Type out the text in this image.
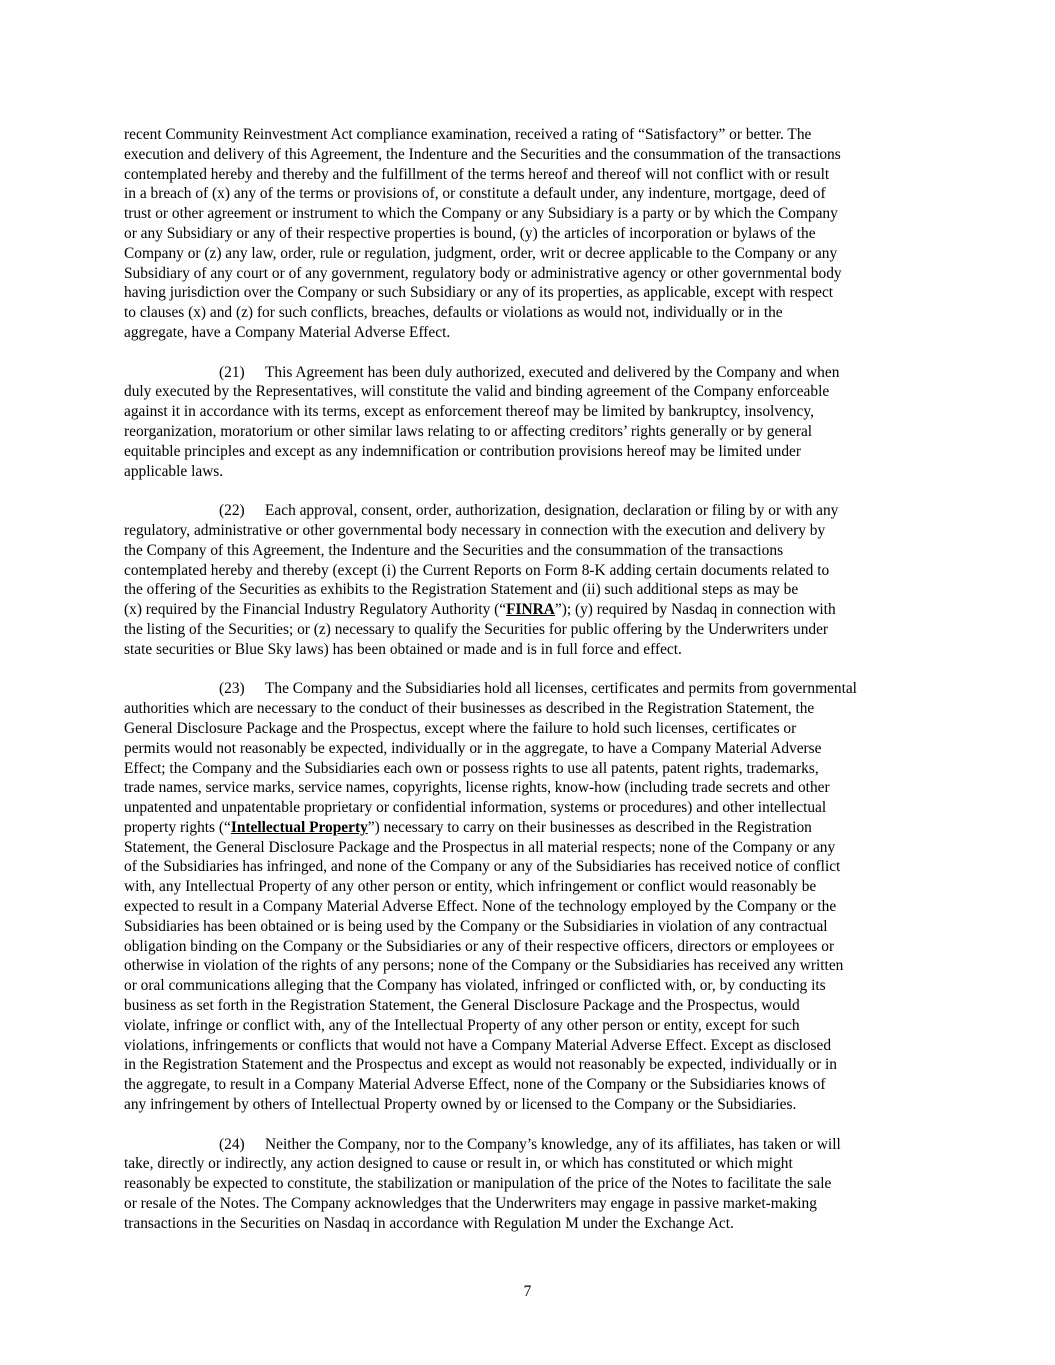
recent Community Reinvestment Act compliance examination, received a rating of “Satisfactory” or better. The
execution and delivery of this Agreement, the Indenture and the Securities and the consummation of the transactions
contemplated hereby and thereby and the fulfillment of the terms hereof and thereof will not conflict with or result
in a breach of (x) any of the terms or provisions of, or constitute a default under, any indenture, mortgage, deed of
trust or other agreement or instrument to which the Company or any Subsidiary is a party or by which the Company
or any Subsidiary or any of their respective properties is bound, (y) the articles of incorporation or bylaws of the
Company or (z) any law, order, rule or regulation, judgment, order, writ or decree applicable to the Company or any
Subsidiary of any court or of any government, regulatory body or administrative agency or other governmental body
having jurisdiction over the Company or such Subsidiary or any of its properties, as applicable, except with respect
to clauses (x) and (z) for such conflicts, breaches, defaults or violations as would not, individually or in the
aggregate, have a Company Material Adverse Effect.
(21) This Agreement has been duly authorized, executed and delivered by the Company and when
duly executed by the Representatives, will constitute the valid and binding agreement of the Company enforceable
against it in accordance with its terms, except as enforcement thereof may be limited by bankruptcy, insolvency,
reorganization, moratorium or other similar laws relating to or affecting creditors’ rights generally or by general
equitable principles and except as any indemnification or contribution provisions hereof may be limited under
applicable laws.
(22) Each approval, consent, order, authorization, designation, declaration or filing by or with any
regulatory, administrative or other governmental body necessary in connection with the execution and delivery by
the Company of this Agreement, the Indenture and the Securities and the consummation of the transactions
contemplated hereby and thereby (except (i) the Current Reports on Form 8-K adding certain documents related to
the offering of the Securities as exhibits to the Registration Statement and (ii) such additional steps as may be
(x) required by the Financial Industry Regulatory Authority (“FINRA”); (y) required by Nasdaq in connection with
the listing of the Securities; or (z) necessary to qualify the Securities for public offering by the Underwriters under
state securities or Blue Sky laws) has been obtained or made and is in full force and effect.
(23) The Company and the Subsidiaries hold all licenses, certificates and permits from governmental
authorities which are necessary to the conduct of their businesses as described in the Registration Statement, the
General Disclosure Package and the Prospectus, except where the failure to hold such licenses, certificates or
permits would not reasonably be expected, individually or in the aggregate, to have a Company Material Adverse
Effect; the Company and the Subsidiaries each own or possess rights to use all patents, patent rights, trademarks,
trade names, service marks, service names, copyrights, license rights, know-how (including trade secrets and other
unpatented and unpatentable proprietary or confidential information, systems or procedures) and other intellectual
property rights (“Intellectual Property”) necessary to carry on their businesses as described in the Registration
Statement, the General Disclosure Package and the Prospectus in all material respects; none of the Company or any
of the Subsidiaries has infringed, and none of the Company or any of the Subsidiaries has received notice of conflict
with, any Intellectual Property of any other person or entity, which infringement or conflict would reasonably be
expected to result in a Company Material Adverse Effect. None of the technology employed by the Company or the
Subsidiaries has been obtained or is being used by the Company or the Subsidiaries in violation of any contractual
obligation binding on the Company or the Subsidiaries or any of their respective officers, directors or employees or
otherwise in violation of the rights of any persons; none of the Company or the Subsidiaries has received any written
or oral communications alleging that the Company has violated, infringed or conflicted with, or, by conducting its
business as set forth in the Registration Statement, the General Disclosure Package and the Prospectus, would
violate, infringe or conflict with, any of the Intellectual Property of any other person or entity, except for such
violations, infringements or conflicts that would not have a Company Material Adverse Effect. Except as disclosed
in the Registration Statement and the Prospectus and except as would not reasonably be expected, individually or in
the aggregate, to result in a Company Material Adverse Effect, none of the Company or the Subsidiaries knows of
any infringement by others of Intellectual Property owned by or licensed to the Company or the Subsidiaries.
(24) Neither the Company, nor to the Company’s knowledge, any of its affiliates, has taken or will
take, directly or indirectly, any action designed to cause or result in, or which has constituted or which might
reasonably be expected to constitute, the stabilization or manipulation of the price of the Notes to facilitate the sale
or resale of the Notes. The Company acknowledges that the Underwriters may engage in passive market-making
transactions in the Securities on Nasdaq in accordance with Regulation M under the Exchange Act.
7
